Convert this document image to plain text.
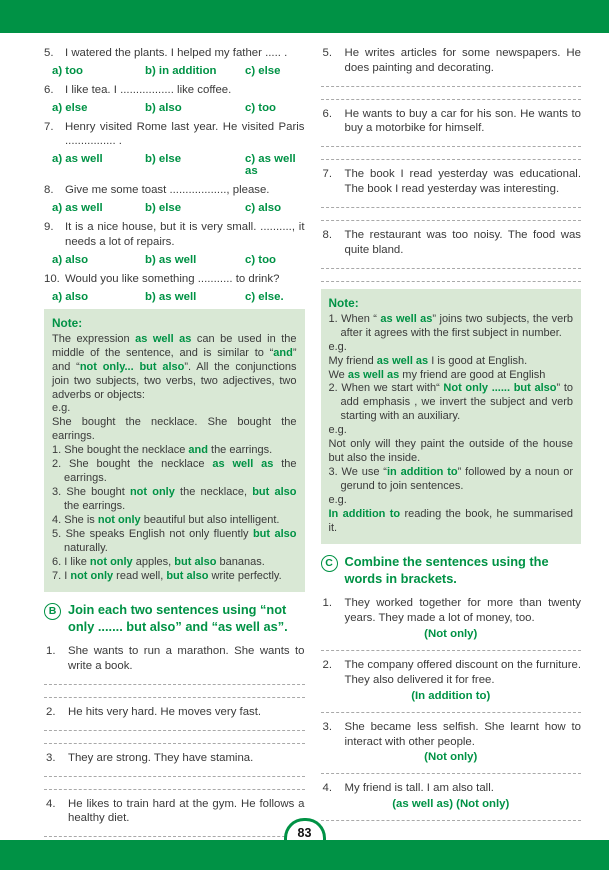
5.	I watered the plants. I helped my father ..... .
a) too	b) in addition	c) else
6.	I like tea. I ................. like coffee.
a) else	b) also	c) too
7.	Henry visited Rome last year. He visited Paris ................ .
a) as well	b) else	c) as well as
8.	Give me some toast .................., please.
a) as well	b) else	c) also
9.	It is a nice house, but it is very small. .........., it needs a lot of repairs.
a) also	b) as well	c) too
10. Would you like something ........... to drink?
a) also	b) as well	c) else.
Note:
The expression as well as can be used in the middle of the sentence, and is similar to “and” and “not only... but also”. All the conjunctions join two subjects, two verbs, two adjectives, two adverbs or objects:
e.g.
She bought the necklace. She bought the earrings.
1. She bought the necklace and the earrings.
2. She bought the necklace as well as the earrings.
3. She bought not only the necklace, but also the earrings.
4. She is not only beautiful but also intelligent.
5. She speaks English not only fluently but also naturally.
6. I like not only apples, but also bananas.
7. I not only read well, but also write perfectly.
B Join each two sentences using “not only ....... but also” and “as well as”.
1.	She wants to run a marathon. She wants to write a book.
2.	He hits very hard. He moves very fast.
3.	They are strong. They have stamina.
4.	He likes to train hard at the gym. He follows a healthy diet.
5.	He writes articles for some newspapers. He does painting and decorating.
6.	He wants to buy a car for his son. He wants to buy a motorbike for himself.
7.	The book I read yesterday was educational. The book I read yesterday was interesting.
8.	The restaurant was too noisy. The food was quite bland.
Note:
1. When “ as well as” joins two subjects, the verb after it agrees with the first subject in number.
e.g.
My friend as well as I is good at English.
We as well as my friend are good at English
2. When we start with“ Not only ...... but also” to add emphasis , we invert the subject and verb starting with an auxiliary.
e.g.
Not only will they paint the outside of the house but also the inside.
3. We use “in addition to” followed by a noun or gerund to join sentences.
e.g.
In addition to reading the book, he summarised it.
C Combine the sentences using the words in brackets.
1.	They worked together for more than twenty years. They made a lot of money, too.
(Not only)
2.	The company offered discount on the furniture. They also delivered it for free.
(In addition to)
3.	She became less selfish. She learnt how to interact with other people.
(Not only)
4.	My friend is tall. I am also tall.
(as well as) (Not only)
83
